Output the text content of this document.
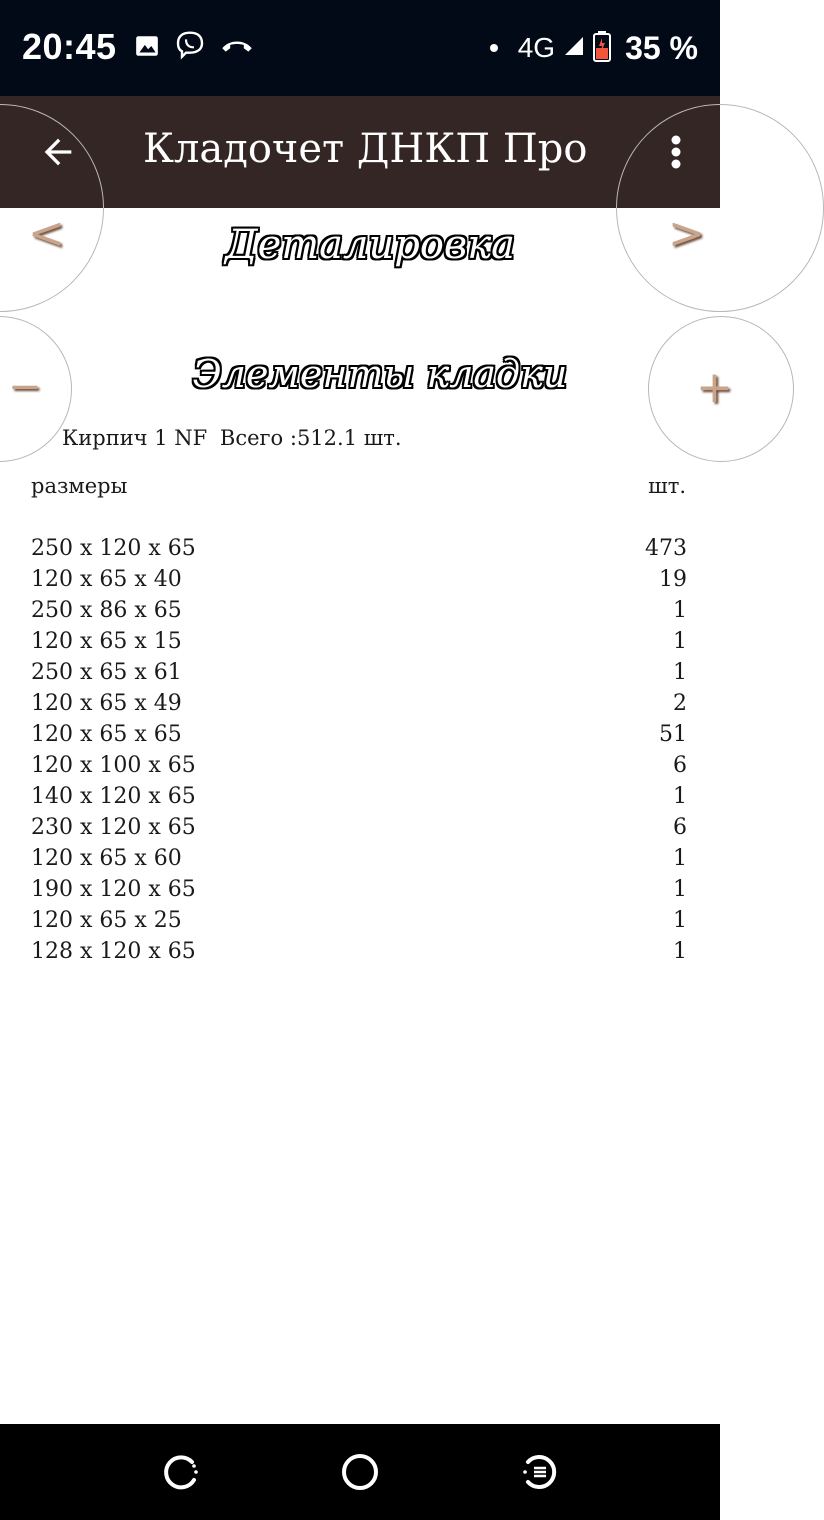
20:45	4G 35 %
Кладочет ДНКП Про
<	>
−	+
Деталировка
Элементы кладки
Кирпич 1 NF Всего :512.1 шт.
размеры	шт.
250 х 120 х 65	473
120 х 65 х 40	19
250 х 86 х 65	1
120 х 65 х 15	1
250 х 65 х 61	1
120 х 65 х 49	2
120 х 65 х 65	51
120 х 100 х 65	6
140 х 120 х 65	1
230 х 120 х 65	6
120 х 65 х 60	1
190 х 120 х 65	1
120 х 65 х 25	1
128 х 120 х 65	1
